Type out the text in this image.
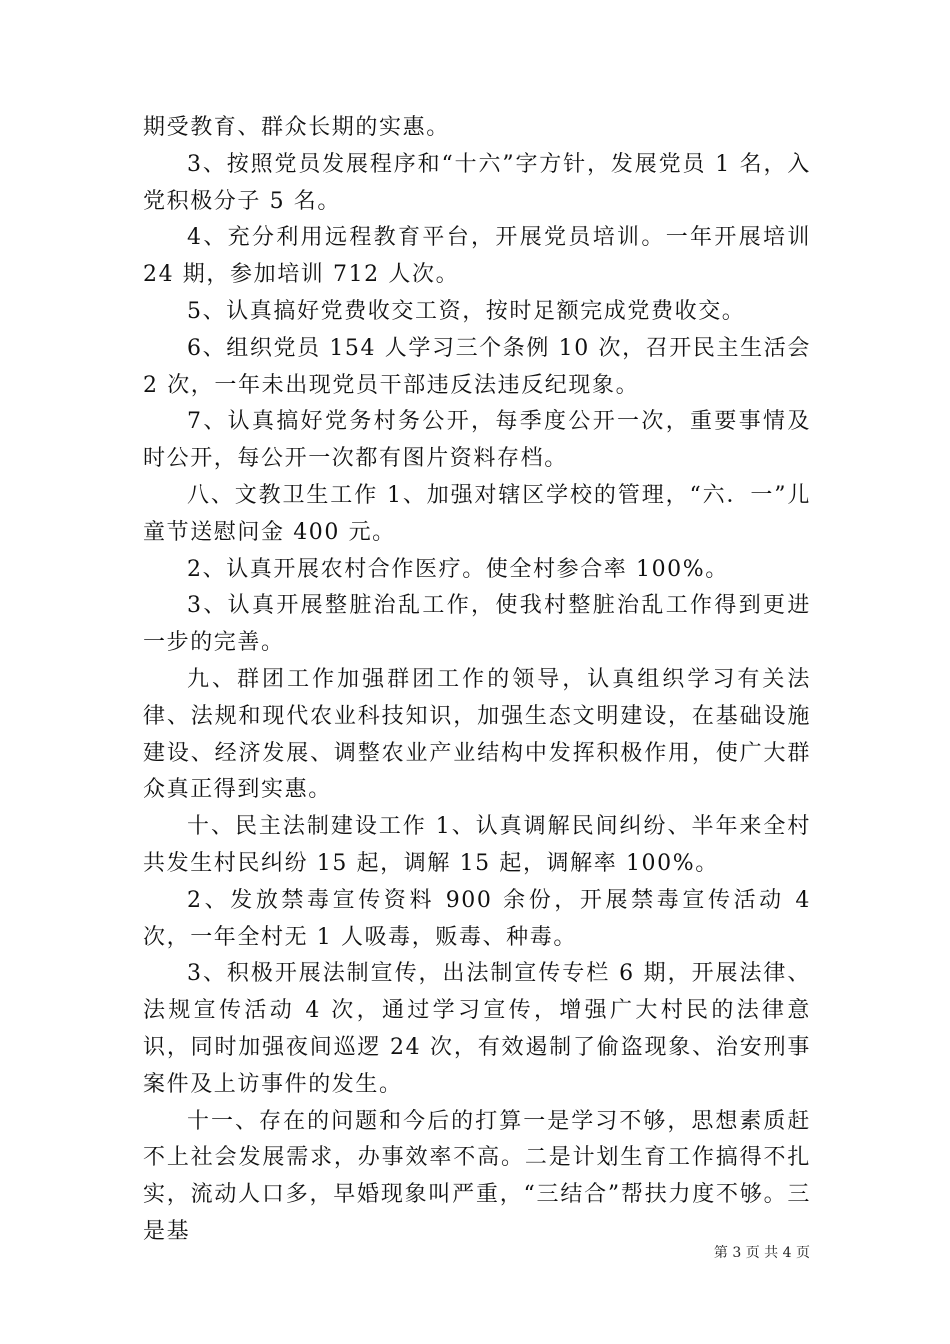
期受教育、群众长期的实惠。

3、按照党员发展程序和“十六”字方针，发展党员 1 名，入党积极分子 5 名。

4、充分利用远程教育平台，开展党员培训。一年开展培训 24 期，参加培训 712 人次。

5、认真搞好党费收交工资，按时足额完成党费收交。

6、组织党员 154 人学习三个条例 10 次，召开民主生活会 2 次，一年未出现党员干部违反法违反纪现象。

7、认真搞好党务村务公开，每季度公开一次，重要事情及时公开，每公开一次都有图片资料存档。

八、文教卫生工作 1、加强对辖区学校的管理，“六．一”儿童节送慰问金 400 元。

2、认真开展农村合作医疗。使全村参合率 100%。

3、认真开展整脏治乱工作，使我村整脏治乱工作得到更进一步的完善。

九、群团工作加强群团工作的领导，认真组织学习有关法律、法规和现代农业科技知识，加强生态文明建设，在基础设施建设、经济发展、调整农业产业结构中发挥积极作用，使广大群众真正得到实惠。

十、民主法制建设工作 1、认真调解民间纠纷、半年来全村共发生村民纠纷 15 起，调解 15 起，调解率 100%。

2、发放禁毒宣传资料 900 余份，开展禁毒宣传活动 4 次，一年全村无 1 人吸毒，贩毒、种毒。

3、积极开展法制宣传，出法制宣传专栏 6 期，开展法律、法规宣传活动 4 次，通过学习宣传，增强广大村民的法律意识，同时加强夜间巡逻 24 次，有效遏制了偷盗现象、治安刑事案件及上访事件的发生。

十一、存在的问题和今后的打算一是学习不够，思想素质赶不上社会发展需求，办事效率不高。二是计划生育工作搞得不扎实，流动人口多，早婚现象叫严重，“三结合”帮扶力度不够。三是基

第 3 页 共 4 页
